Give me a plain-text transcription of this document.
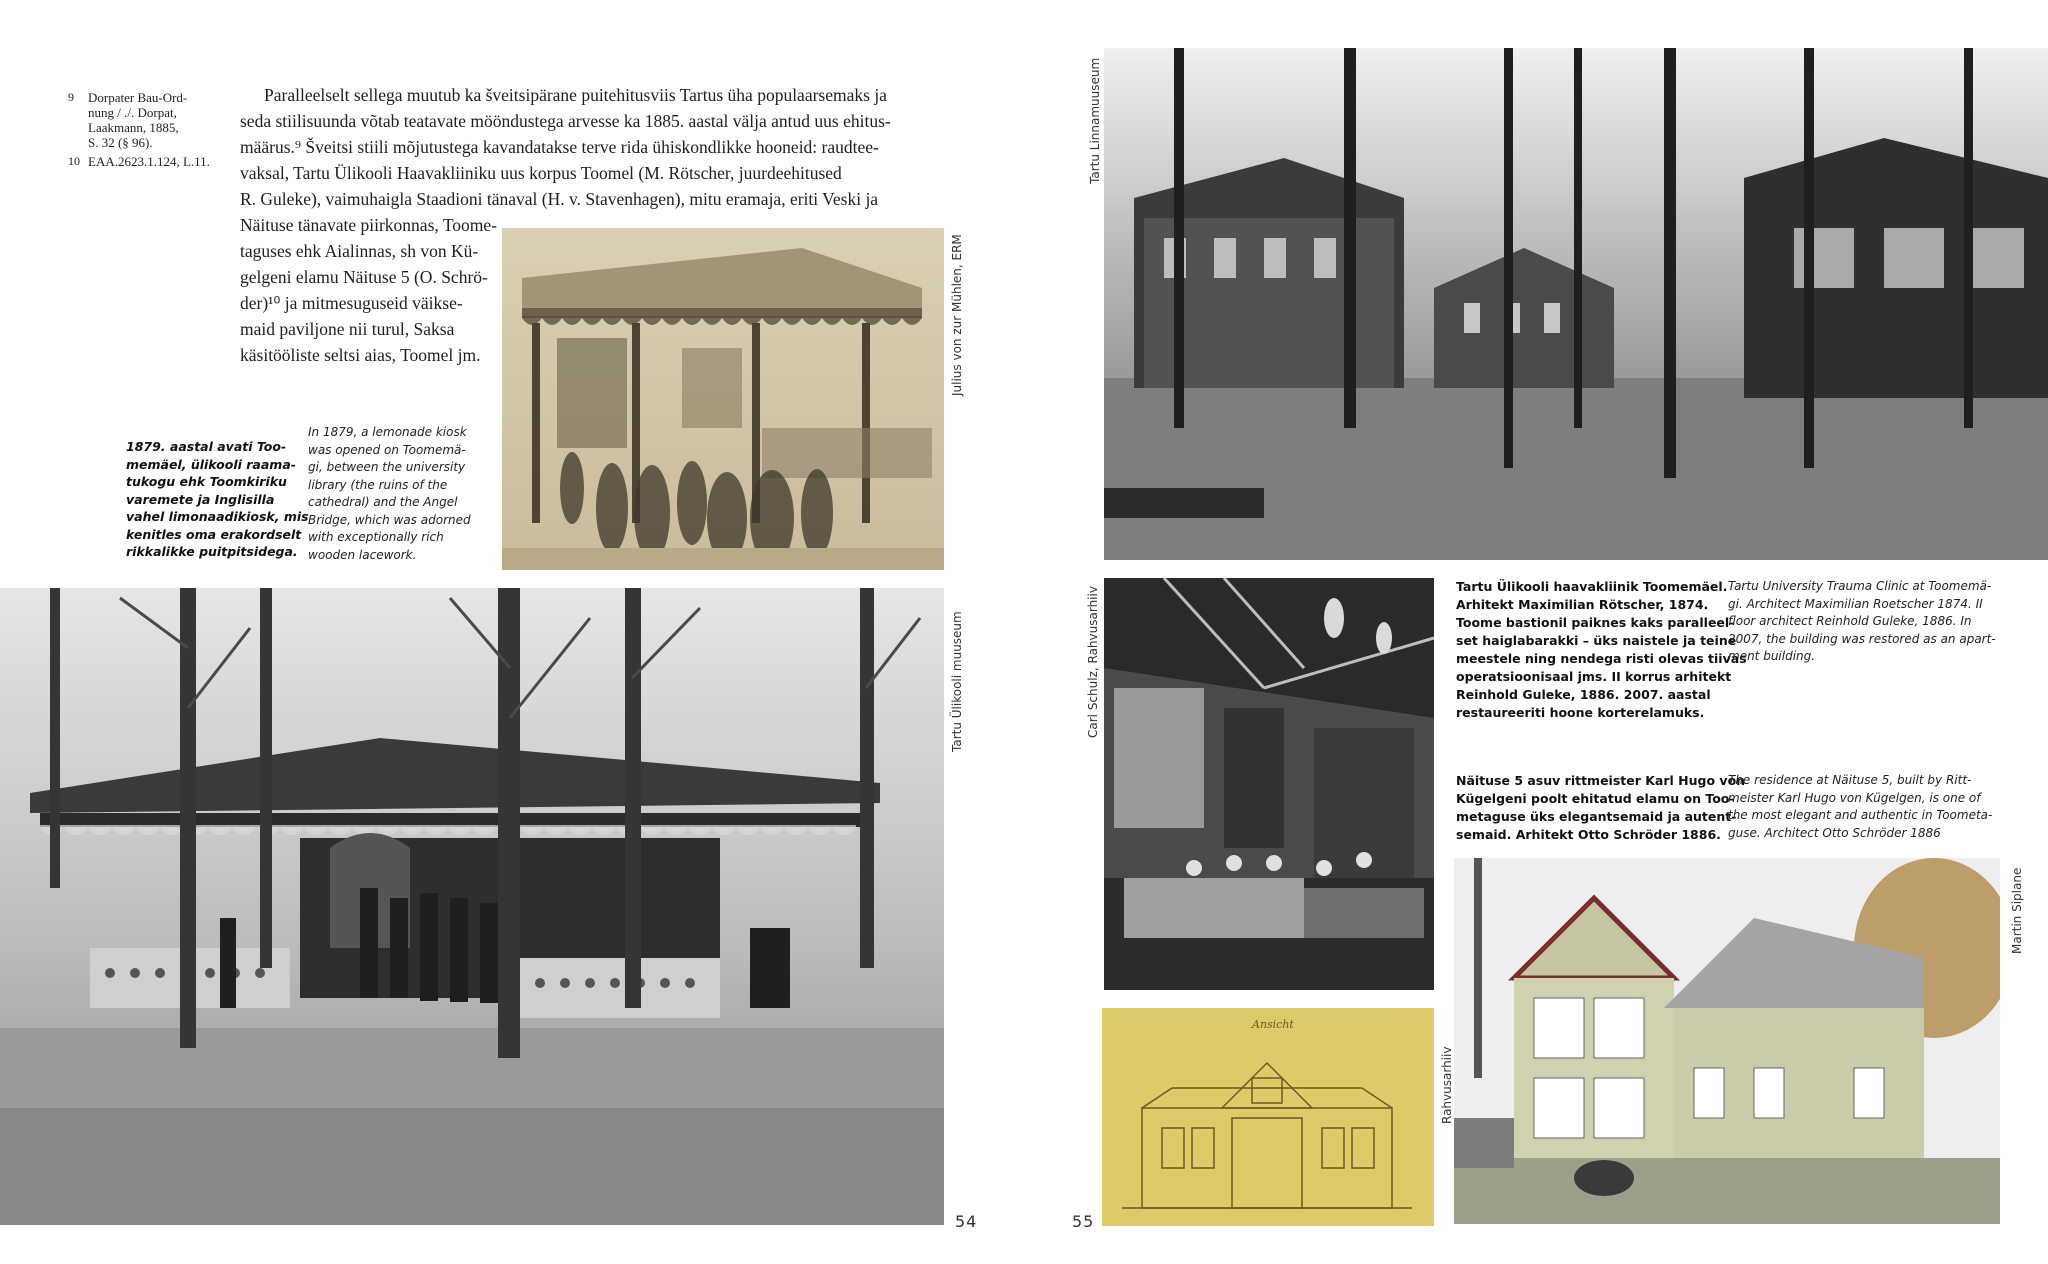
9 Dorpater Bau-Ord-
nung / ./. Dorpat,
Laakmann, 1885,
S. 32 (§ 96).
10 EAA.2623.1.124, L.11.
Paralleelselt sellega muutub ka šveitsipärane puitehitusviis Tartus üha populaarsemaks ja
seda stiilisuunda võtab teatavate mööndustega arvesse ka 1885. aastal välja antud uus ehitus-
määrus.⁹ Šveitsi stiili mõjutustega kavandatakse terve rida ühiskondlikke hooneid: raudtee-
vaksal, Tartu Ülikooli Haavakliiniku uus korpus Toomel (M. Rötscher, juurdeehitused
R. Guleke), vaimuhaigla Staadioni tänaval (H. v. Stavenhagen), mitu eramaja, eriti Veski ja
Näituse tänavate piirkonnas, Toome-
taguses ehk Aialinnas, sh von Kü-
gelgeni elamu Näituse 5 (O. Schrö-
der)¹⁰ ja mitmesuguseid väikse-
maid paviljone nii turul, Saksa
käsitööliste seltsi aias, Toomel jm.	Julius von zur Mühlen, ERM
1879. aastal avati Too-
memäel, ülikooli raama-
tukogu ehk Toomkiriku
varemete ja Inglisilla
vahel limonaadikiosk, mis
kenitles oma erakordselt
rikkalikke puitpitsidega.
In 1879, a lemonade kiosk
was opened on Toomemä-
gi, between the university
library (the ruins of the
cathedral) and the Angel
Bridge, which was adorned
with exceptionally rich
wooden lacework.
Tartu Ülikooli muuseum
54
Tartu Linnamuuseum
Carl Schulz, Rahvusarhiiv	Tartu Ülikooli haavakliinik Toomemäel.
Arhitekt Maximilian Rötscher, 1874.
Toome bastionil paiknes kaks paralleel-
set haiglabarakki – üks naistele ja teine
meestele ning nendega risti olevas tiivas
operatsioonisaal jms. II korrus arhitekt
Reinhold Guleke, 1886. 2007. aastal
restaureeriti hoone korterelamuks.
Tartu University Trauma Clinic at Toomemä-
gi. Architect Maximilian Roetscher 1874. II
floor architect Reinhold Guleke, 1886. In
2007, the building was restored as an apart-
ment building.
Näituse 5 asuv rittmeister Karl Hugo von
Kügelgeni poolt ehitatud elamu on Too-
metaguse üks elegantsemaid ja autent-
semaid. Arhitekt Otto Schröder 1886.
The residence at Näituse 5, built by Ritt-
meister Karl Hugo von Kügelgen, is one of
the most elegant and authentic in Toometa-
guse. Architect Otto Schröder 1886
Ansicht
Rahvusarhiiv
Martin Siplane
55
